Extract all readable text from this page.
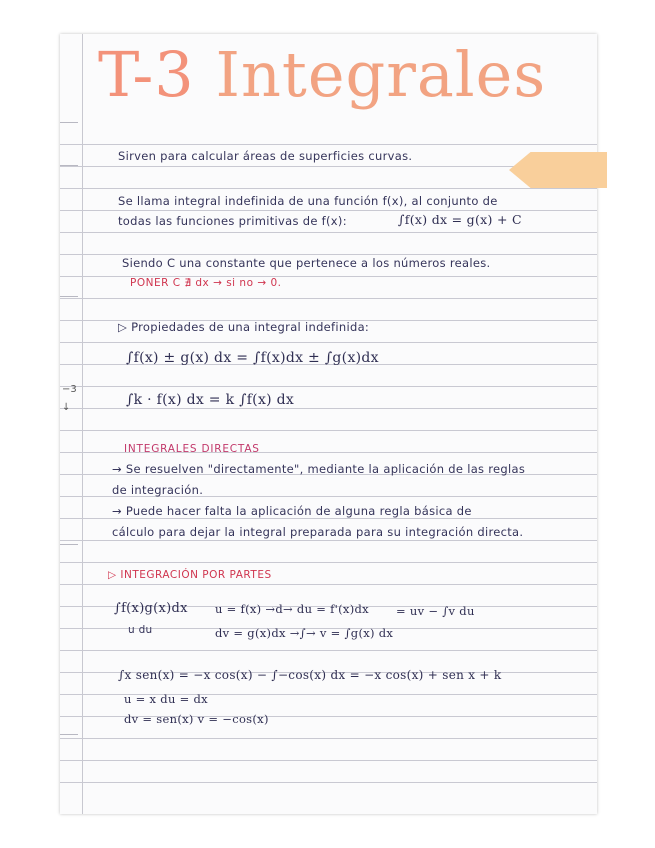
−3
↓
T-3 Integrales
Sirven para calcular áreas de superficies curvas.
Se llama integral indefinida de una función f(x), al conjunto de
todas las funciones primitivas de f(x):	∫f(x) dx = g(x) + C
Siendo C una constante que pertenece a los números reales.
PONER C ∄ dx → si no → 0.
▷ Propiedades de una integral indefinida:
∫f(x) ± g(x) dx = ∫f(x)dx ± ∫g(x)dx
∫k · f(x) dx = k ∫f(x) dx
INTEGRALES DIRECTAS
→ Se resuelven "directamente", mediante la aplicación de las reglas
de integración.
→ Puede hacer falta la aplicación de alguna regla básica de
cálculo para dejar la integral preparada para su integración directa.
▷ INTEGRACIÓN POR PARTES
∫f(x)g(x)dx
u du
u = f(x) →d→ du = f'(x)dx = uv − ∫v du
dv = g(x)dx →∫→ v = ∫g(x) dx
∫x sen(x) = −x cos(x) − ∫−cos(x) dx = −x cos(x) + sen x + k
u = x du = dx
dv = sen(x) v = −cos(x)
